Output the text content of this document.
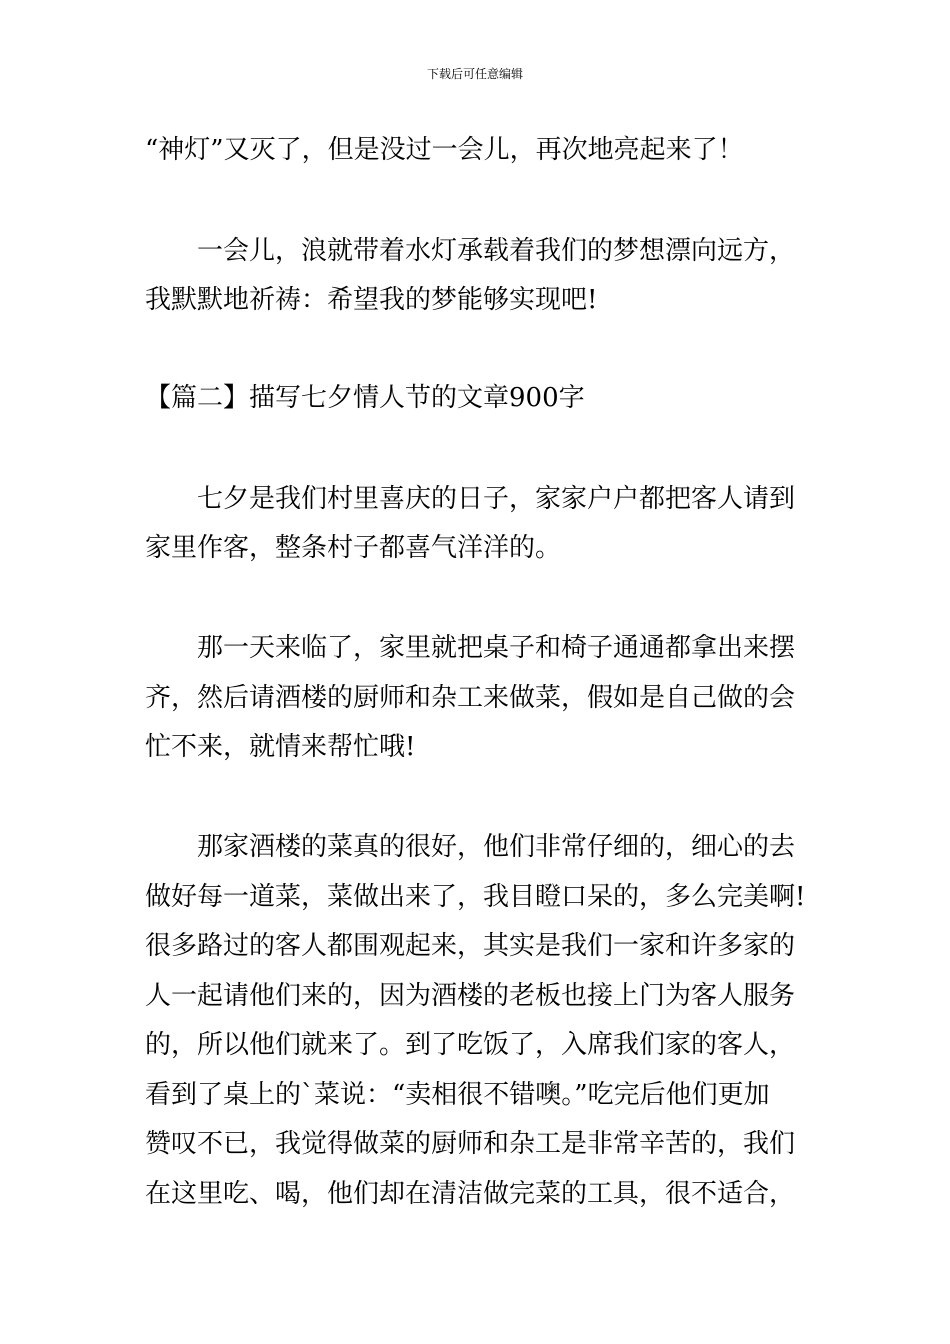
下载后可任意编辑
“神灯”又灭了，但是没过一会儿，再次地亮起来了！
一会儿，浪就带着水灯承载着我们的梦想漂向远方，
我默默地祈祷：希望我的梦能够实现吧!
【篇二】描写七夕情人节的文章900字
七夕是我们村里喜庆的日子，家家户户都把客人请到
家里作客，整条村子都喜气洋洋的。
那一天来临了，家里就把桌子和椅子通通都拿出来摆
齐，然后请酒楼的厨师和杂工来做菜，假如是自己做的会
忙不来，就情来帮忙哦!
那家酒楼的菜真的很好，他们非常仔细的，细心的去
做好每一道菜，菜做出来了，我目瞪口呆的，多么完美啊!
很多路过的客人都围观起来，其实是我们一家和许多家的
人一起请他们来的，因为酒楼的老板也接上门为客人服务
的，所以他们就来了。到了吃饭了，入席我们家的客人，
看到了桌上的`菜说：“卖相很不错噢。”吃完后他们更加
赞叹不已，我觉得做菜的厨师和杂工是非常辛苦的，我们
在这里吃、喝，他们却在清洁做完菜的工具，很不适合，
